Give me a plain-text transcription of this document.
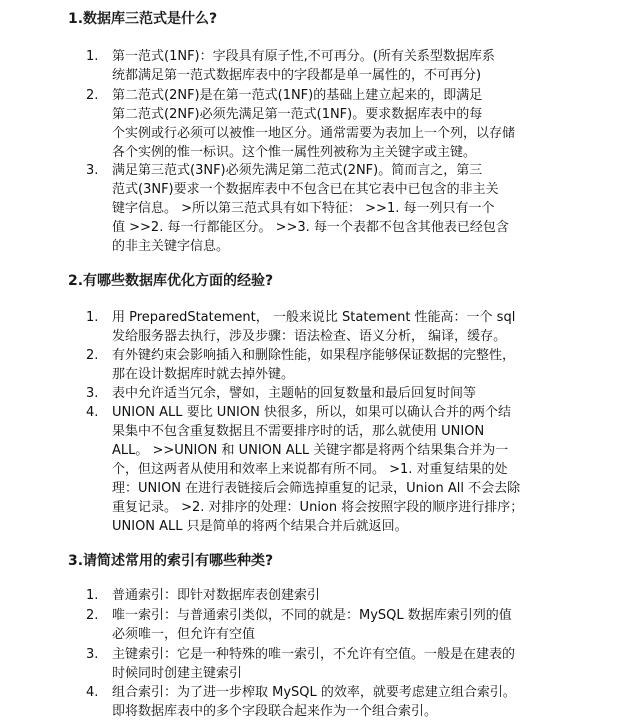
1.数据库三范式是什么?
1.	第一范式(1NF)：字段具有原子性,不可再分。(所有关系型数据库系
统都满足第一范式数据库表中的字段都是单一属性的，不可再分)
2.	第二范式(2NF)是在第一范式(1NF)的基础上建立起来的，即满足
第二范式(2NF)必须先满足第一范式(1NF)。要求数据库表中的每
个实例或行必须可以被惟一地区分。通常需要为表加上一个列，以存储
各个实例的惟一标识。这个惟一属性列被称为主关键字或主键。
3.	满足第三范式(3NF)必须先满足第二范式(2NF)。简而言之，第三
范式(3NF)要求一个数据库表中不包含已在其它表中已包含的非主关
键字信息。 >所以第三范式具有如下特征： >>1. 每一列只有一个
值 >>2. 每一行都能区分。 >>3. 每一个表都不包含其他表已经包含
的非主关键字信息。
2.有哪些数据库优化方面的经验?
1.	用 PreparedStatement， 一般来说比 Statement 性能高：一个 sql
发给服务器去执行，涉及步骤：语法检查、语义分析， 编译，缓存。
2.	有外键约束会影响插入和删除性能，如果程序能够保证数据的完整性，
那在设计数据库时就去掉外键。
3.	表中允许适当冗余，譬如，主题帖的回复数量和最后回复时间等
4.	UNION ALL 要比 UNION 快很多，所以，如果可以确认合并的两个结
果集中不包含重复数据且不需要排序时的话，那么就使用 UNION
ALL。 >>UNION 和 UNION ALL 关键字都是将两个结果集合并为一
个，但这两者从使用和效率上来说都有所不同。 >1. 对重复结果的处
理：UNION 在进行表链接后会筛选掉重复的记录，Union All 不会去除
重复记录。 >2. 对排序的处理：Union 将会按照字段的顺序进行排序；
UNION ALL 只是简单的将两个结果合并后就返回。
3.请简述常用的索引有哪些种类?
1.	普通索引：即针对数据库表创建索引
2.	唯一索引：与普通索引类似，不同的就是：MySQL 数据库索引列的值
必须唯一，但允许有空值
3.	主键索引：它是一种特殊的唯一索引，不允许有空值。一般是在建表的
时候同时创建主键索引
4.	组合索引：为了进一步榨取 MySQL 的效率，就要考虑建立组合索引。
即将数据库表中的多个字段联合起来作为一个组合索引。
